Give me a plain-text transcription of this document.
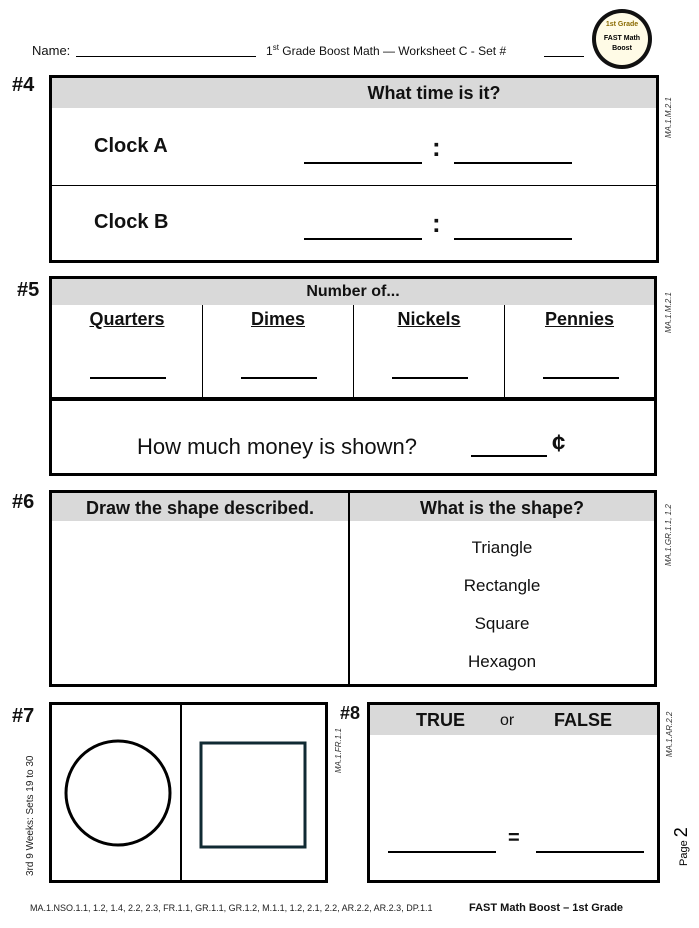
Name:	1st Grade Boost Math — Worksheet C - Set #
1st Grade
FAST Math
Boost
#4	What time is it?
Clock A	:
Clock B	:
MA.1.M.2.1
#5	Number of...
Quarters	Dimes	Nickels	Pennies
How much money is shown?	¢
MA.1.M.2.1
#6	Draw the shape described.	What is the shape?
Triangle
Rectangle
Square
Hexagon
MA.1.GR.1.1, 1.2
#7
MA.1.FR.1.1
#8	TRUE or FALSE
=
MA.1.AR.2.2
3rd 9 Weeks: Sets 19 to 30	Page 2
MA.1.NSO.1.1, 1.2, 1.4, 2.2, 2.3, FR.1.1, GR.1.1, GR.1.2, M.1.1, 1.2, 2.1, 2.2, AR.2.2, AR.2.3, DP.1.1	FAST Math Boost – 1st Grade
